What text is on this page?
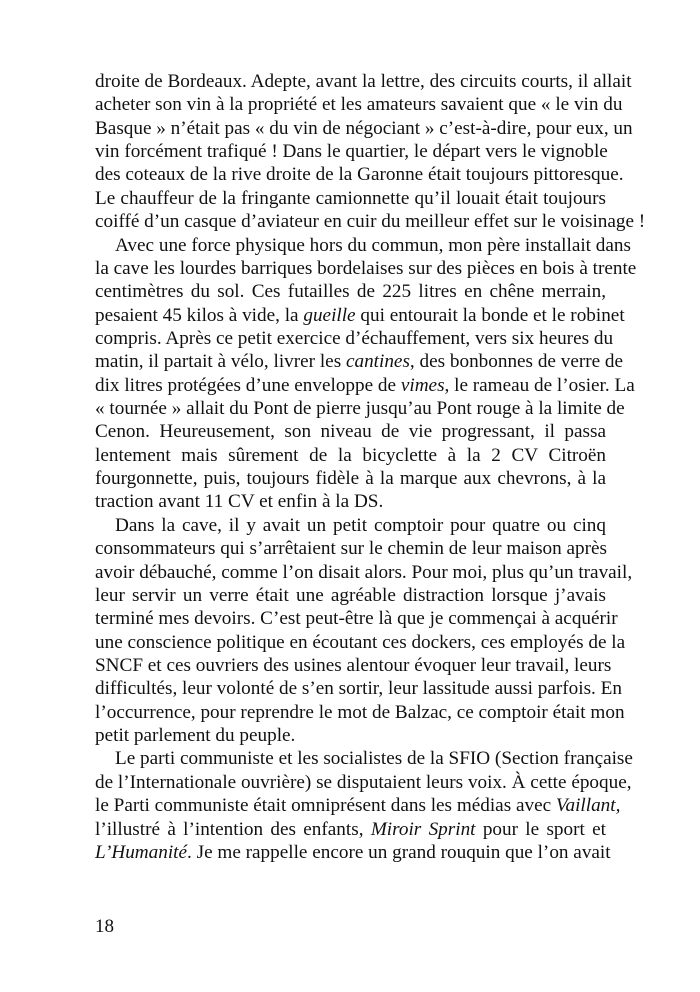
droite de Bordeaux. Adepte, avant la lettre, des circuits courts, il allait
acheter son vin à la propriété et les amateurs savaient que « le vin du
Basque » n’était pas « du vin de négociant » c’est-à-dire, pour eux, un
vin forcément trafiqué ! Dans le quartier, le départ vers le vignoble
des coteaux de la rive droite de la Garonne était toujours pittoresque.
Le chauffeur de la fringante camionnette qu’il louait était toujours
coiffé d’un casque d’aviateur en cuir du meilleur effet sur le voisinage !
Avec une force physique hors du commun, mon père installait dans
la cave les lourdes barriques bordelaises sur des pièces en bois à trente
centimètres du sol. Ces futailles de 225 litres en chêne merrain,
pesaient 45 kilos à vide, la gueille qui entourait la bonde et le robinet
compris. Après ce petit exercice d’échauffement, vers six heures du
matin, il partait à vélo, livrer les cantines, des bonbonnes de verre de
dix litres protégées d’une enveloppe de vimes, le rameau de l’osier. La
« tournée » allait du Pont de pierre jusqu’au Pont rouge à la limite de
Cenon. Heureusement, son niveau de vie progressant, il passa
lentement mais sûrement de la bicyclette à la 2 CV Citroën
fourgonnette, puis, toujours fidèle à la marque aux chevrons, à la
traction avant 11 CV et enfin à la DS.
Dans la cave, il y avait un petit comptoir pour quatre ou cinq
consommateurs qui s’arrêtaient sur le chemin de leur maison après
avoir débauché, comme l’on disait alors. Pour moi, plus qu’un travail,
leur servir un verre était une agréable distraction lorsque j’avais
terminé mes devoirs. C’est peut-être là que je commençai à acquérir
une conscience politique en écoutant ces dockers, ces employés de la
SNCF et ces ouvriers des usines alentour évoquer leur travail, leurs
difficultés, leur volonté de s’en sortir, leur lassitude aussi parfois. En
l’occurrence, pour reprendre le mot de Balzac, ce comptoir était mon
petit parlement du peuple.
Le parti communiste et les socialistes de la SFIO (Section française
de l’Internationale ouvrière) se disputaient leurs voix. À cette époque,
le Parti communiste était omniprésent dans les médias avec Vaillant,
l’illustré à l’intention des enfants, Miroir Sprint pour le sport et
L’Humanité. Je me rappelle encore un grand rouquin que l’on avait
18
